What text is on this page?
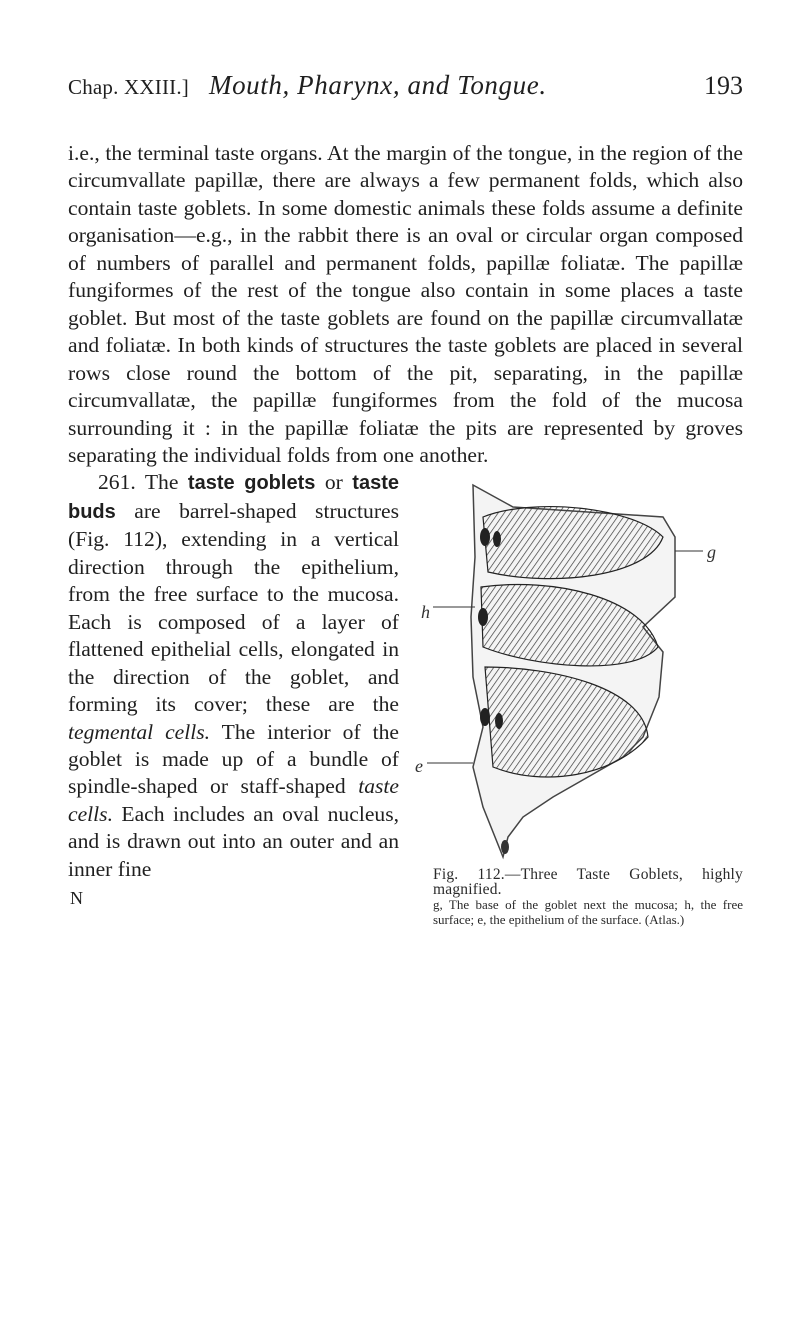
Chap. XXIII.] Mouth, Pharynx, and Tongue.	193

i.e., the terminal taste organs. At the margin of the tongue, in the region of the circumvallate papillæ, there are always a few permanent folds, which also contain taste goblets. In some domestic animals these folds assume a definite organisation—e.g., in the rabbit there is an oval or circular organ composed of numbers of parallel and permanent folds, papillæ foliatæ. The papillæ fungiformes of the rest of the tongue also contain in some places a taste goblet. But most of the taste goblets are found on the papillæ circumvallatæ and foliatæ. In both kinds of structures the taste goblets are placed in several rows close round the bottom of the pit, separating, in the papillæ circumvallatæ, the papillæ fungiformes from the fold of the mucosa surrounding it : in the papillæ foliatæ the pits are represented by groves separating the individual folds from one another.

g
h
e
Fig. 112.—Three Taste Goblets, highly magnified.
g, The base of the goblet next the mucosa; h, the free surface; e, the epithelium of the surface. (Atlas.)

261. The taste goblets or taste buds are barrel-shaped structures (Fig. 112), extending in a vertical direction through the epithelium, from the free surface to the mucosa. Each is composed of a layer of flattened epithelial cells, elongated in the direction of the goblet, and forming its cover; these are the tegmental cells. The interior of the goblet is made up of a bundle of spindle-shaped or staff-shaped taste cells. Each includes an oval nucleus, and is drawn out into an outer and an inner fine

N
